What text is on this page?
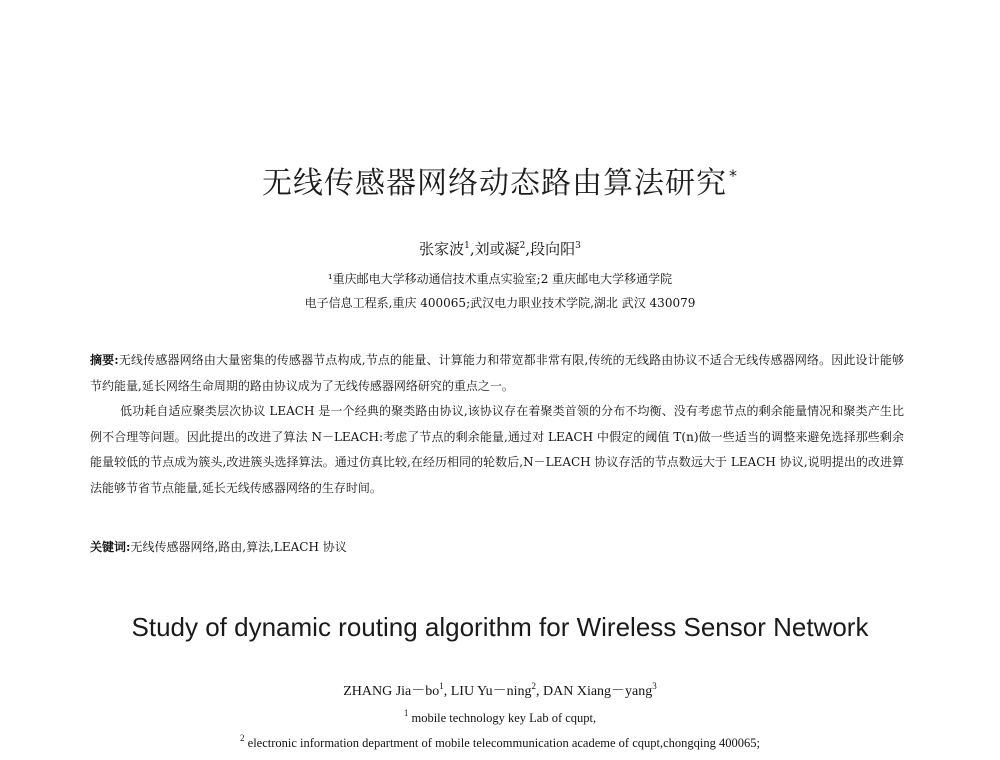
无线传感器网络动态路由算法研究 *
张家波$^1$,刘或凝$^2$,段向阳$^3$
¹重庆邮电大学移动通信技术重点实验室;2 重庆邮电大学移通学院
电子信息工程系,重庆 400065;武汉电力职业技术学院,湖北 武汉 430079

摘要:无线传感器网络由大量密集的传感器节点构成,节点的能量、计算能力和带宽都非常有限,传统的无线路由协议不适合无线传感器网络。因此设计能够节约能量,延长网络生命周期的路由协议成为了无线传感器网络研究的重点之一。

低功耗自适应聚类层次协议 LEACH 是一个经典的聚类路由协议,该协议存在着聚类首领的分布不均衡、没有考虑节点的剩余能量情况和聚类产生比例不合理等问题。因此提出的改进了算法 N－LEACH:考虑了节点的剩余能量,通过对 LEACH 中假定的阈值 T(n)做一些适当的调整来避免选择那些剩余能量较低的节点成为簇头,改进簇头选择算法。通过仿真比较,在经历相同的轮数后,N－LEACH 协议存活的节点数远大于 LEACH 协议,说明提出的改进算法能够节省节点能量,延长无线传感器网络的生存时间。

关键词:无线传感器网络,路由,算法,LEACH 协议
Study of dynamic routing algorithm for Wireless Sensor Network
ZHANG $Jia-bo^1$, LIU Yu－ning$^2$, DAN Xiang－yang$^3$
$^1$ mobile technology key Lab of cqupt,
$^2$ electronic information department of mobile telecommunication academe of cqupt,chongqing 400065;
